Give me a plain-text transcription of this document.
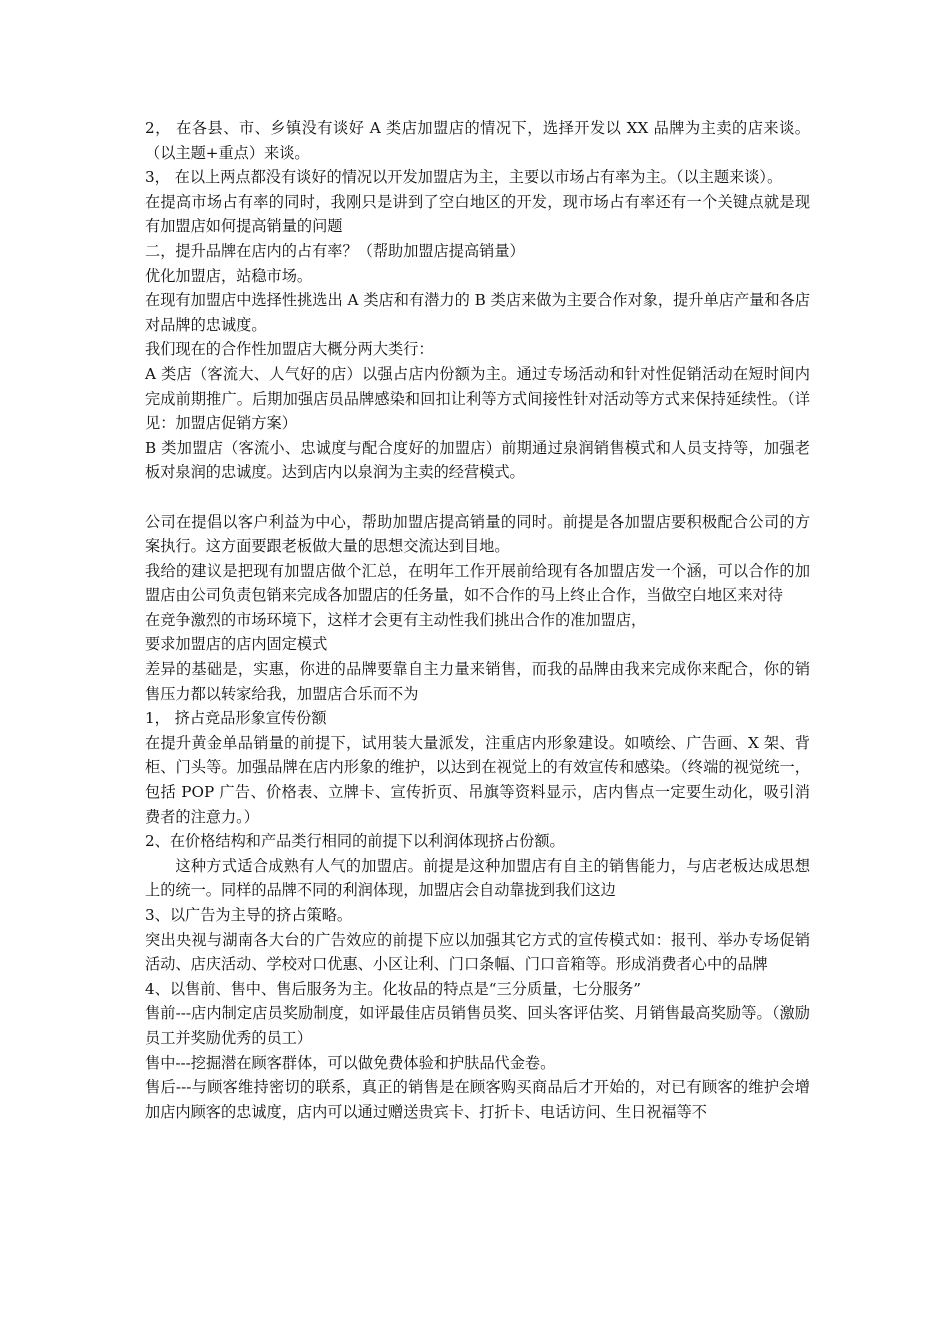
2， 在各县、市、乡镇没有谈好 A 类店加盟店的情况下，选择开发以 XX 品牌为主卖的店来谈。（以主题+重点）来谈。

3， 在以上两点都没有谈好的情况以开发加盟店为主，主要以市场占有率为主。（以主题来谈）。

在提高市场占有率的同时，我刚只是讲到了空白地区的开发，现市场占有率还有一个关键点就是现有加盟店如何提高销量的问题

二，提升品牌在店内的占有率？（帮助加盟店提高销量）

优化加盟店，站稳市场。

在现有加盟店中选择性挑选出 A 类店和有潜力的 B 类店来做为主要合作对象，提升单店产量和各店对品牌的忠诚度。

我们现在的合作性加盟店大概分两大类行：

A 类店（客流大、人气好的店）以强占店内份额为主。通过专场活动和针对性促销活动在短时间内完成前期推广。后期加强店员品牌感染和回扣让利等方式间接性针对活动等方式来保持延续性。（详见：加盟店促销方案）

B 类加盟店（客流小、忠诚度与配合度好的加盟店）前期通过泉润销售模式和人员支持等，加强老板对泉润的忠诚度。达到店内以泉润为主卖的经营模式。

公司在提倡以客户利益为中心，帮助加盟店提高销量的同时。前提是各加盟店要积极配合公司的方案执行。这方面要跟老板做大量的思想交流达到目地。

我给的建议是把现有加盟店做个汇总，在明年工作开展前给现有各加盟店发一个涵，可以合作的加盟店由公司负责包销来完成各加盟店的任务量，如不合作的马上终止合作，当做空白地区来对待

在竞争激烈的市场环境下，这样才会更有主动性我们挑出合作的准加盟店，

要求加盟店的店内固定模式

差异的基础是，实惠，你进的品牌要靠自主力量来销售，而我的品牌由我来完成你来配合，你的销售压力都以转家给我，加盟店合乐而不为

1， 挤占竞品形象宣传份额

在提升黄金单品销量的前提下，试用装大量派发，注重店内形象建设。如喷绘、广告画、X 架、背柜、门头等。加强品牌在店内形象的维护，以达到在视觉上的有效宣传和感染。（终端的视觉统一，包括 POP 广告、价格表、立牌卡、宣传折页、吊旗等资料显示，店内售点一定要生动化，吸引消费者的注意力。）

2、在价格结构和产品类行相同的前提下以利润体现挤占份额。

这种方式适合成熟有人气的加盟店。前提是这种加盟店有自主的销售能力，与店老板达成思想上的统一。同样的品牌不同的利润体现，加盟店会自动靠拢到我们这边

3、以广告为主导的挤占策略。

突出央视与湖南各大台的广告效应的前提下应以加强其它方式的宣传模式如：报刊、举办专场促销活动、店庆活动、学校对口优惠、小区让利、门口条幅、门口音箱等。形成消费者心中的品牌

4、以售前、售中、售后服务为主。化妆品的特点是“三分质量，七分服务”

售前---店内制定店员奖励制度，如评最佳店员销售员奖、回头客评估奖、月销售最高奖励等。（激励员工并奖励优秀的员工）

售中---挖掘潜在顾客群体，可以做免费体验和护肤品代金卷。

售后---与顾客维持密切的联系，真正的销售是在顾客购买商品后才开始的，对已有顾客的维护会增加店内顾客的忠诚度，店内可以通过赠送贵宾卡、打折卡、电话访问、生日祝福等不
